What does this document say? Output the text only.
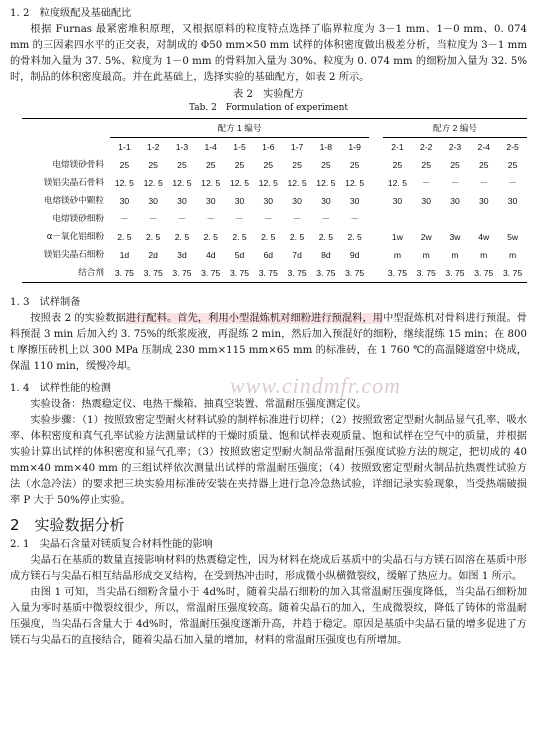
1. 2　粒度级配及基础配比

根据 Furnas 最紧密堆积原理，又根据原料的粒度特点选择了临界粒度为 3－1 mm、1－0 mm、0. 074 mm 的三因素四水平的正交表，对制成的 Φ50 mm×50 mm 试样的体积密度做出极差分析，当粒度为 3－1 mm 的骨料加入量为 37. 5%、粒度为 1－0 mm 的骨料加入量为 30%、粒度为 0. 074 mm 的细粉加入量为 32. 5%时，制品的体积密度最高。并在此基础上，选择实验的基础配方，如表 2 所示。

表 2　实验配方
Tab. 2　Formulation of experiment
	配方 1 编号										配方 2 编号				
	1-1	1-2	1-3	1-4	1-5	1-6	1-7	1-8	1-9		2-1	2-2	2-3	2-4	2-5
电熔镁砂骨料	25	25	25	25	25	25	25	25	25		25	25	25	25	25
镁铝尖晶石骨料	12. 5	12. 5	12. 5	12. 5	12. 5	12. 5	12. 5	12. 5	12. 5		12. 5	－	－	－	－
电熔镁砂中颗粒	30	30	30	30	30	30	30	30	30		30	30	30	30	30
电熔镁砂细粉	－	－	－	－	－	－	－	－	－						
α－氧化铝细粉	2. 5	2. 5	2. 5	2. 5	2. 5	2. 5	2. 5	2. 5	2. 5		1w	2w	3w	4w	5w
镁铝尖晶石细粉	1d	2d	3d	4d	5d	6d	7d	8d	9d		m	m	m	m	m
结合剂	3. 75	3. 75	3. 75	3. 75	3. 75	3. 75	3. 75	3. 75	3. 75		3. 75	3. 75	3. 75	3. 75	3. 75
1. 3　试样制备

按照表 2 的实验数据进行配料。首先，利用小型混炼机对细粉进行预混料，用中型混炼机对骨料进行预混。骨料预混 3 min 后加入约 3. 75%的纸浆废液，再混练 2 min，然后加入预混好的细粉，继续混练 15 min；在 800 t 摩擦压砖机上以 300 MPa 压制成 230 mm×115 mm×65 mm 的标准砖，在 1 760 ℃的高温隧道窑中烧成，保温 110 min，缓慢冷却。

www.cindmfr.com
1. 4　试样性能的检测

实验设备：热震稳定仪、电热干燥箱、抽真空装置、常温耐压强度测定仪。

实验步骤：（1）按照致密定型耐火材料试验的制样标准进行切样；（2）按照致密定型耐火制品显气孔率、吸水率、体积密度和真气孔率试验方法测量试样的干燥时质量、饱和试样表观质量、饱和试样在空气中的质量，并根据实验计算出试样的体积密度和显气孔率；（3）按照致密定型耐火制品常温耐压强度试验方法的规定，把切成的 40 mm×40 mm×40 mm 的三组试样依次测量出试样的常温耐压强度；（4）按照致密定型耐火制品抗热震性试验方法（水急冷法）的要求把三块实验用标准砖安装在夹持器上进行急冷急热试验，详细记录实验现象，当受热端破损率 P 大于 50%停止实验。

2　实验数据分析
2. 1　尖晶石含量对镁质复合材料性能的影响

尖晶石在基质的数量直接影响材料的热震稳定性，因为材料在烧成后基质中的尖晶石与方镁石固溶在基质中形成方镁石与尖晶石相互结晶形成交叉结构，在受到热冲击时，形成微小纵横微裂纹，缓解了热应力。如图 1 所示。

由图 1 可知，当尖晶石细粉含量小于 4d%时，随着尖晶石细粉的加入其常温耐压强度降低，当尖晶石细粉加入量为零时基质中微裂纹很少，所以，常温耐压强度较高。随着尖晶石的加入，生成微裂纹，降低了铸体的常温耐压强度，当尖晶石含量大于 4d%时，常温耐压强度逐渐升高，并趋于稳定。原因是基质中尖晶石量的增多促进了方镁石与尖晶石的直接结合，随着尖晶石加入量的增加，材料的常温耐压强度也有所增加。
